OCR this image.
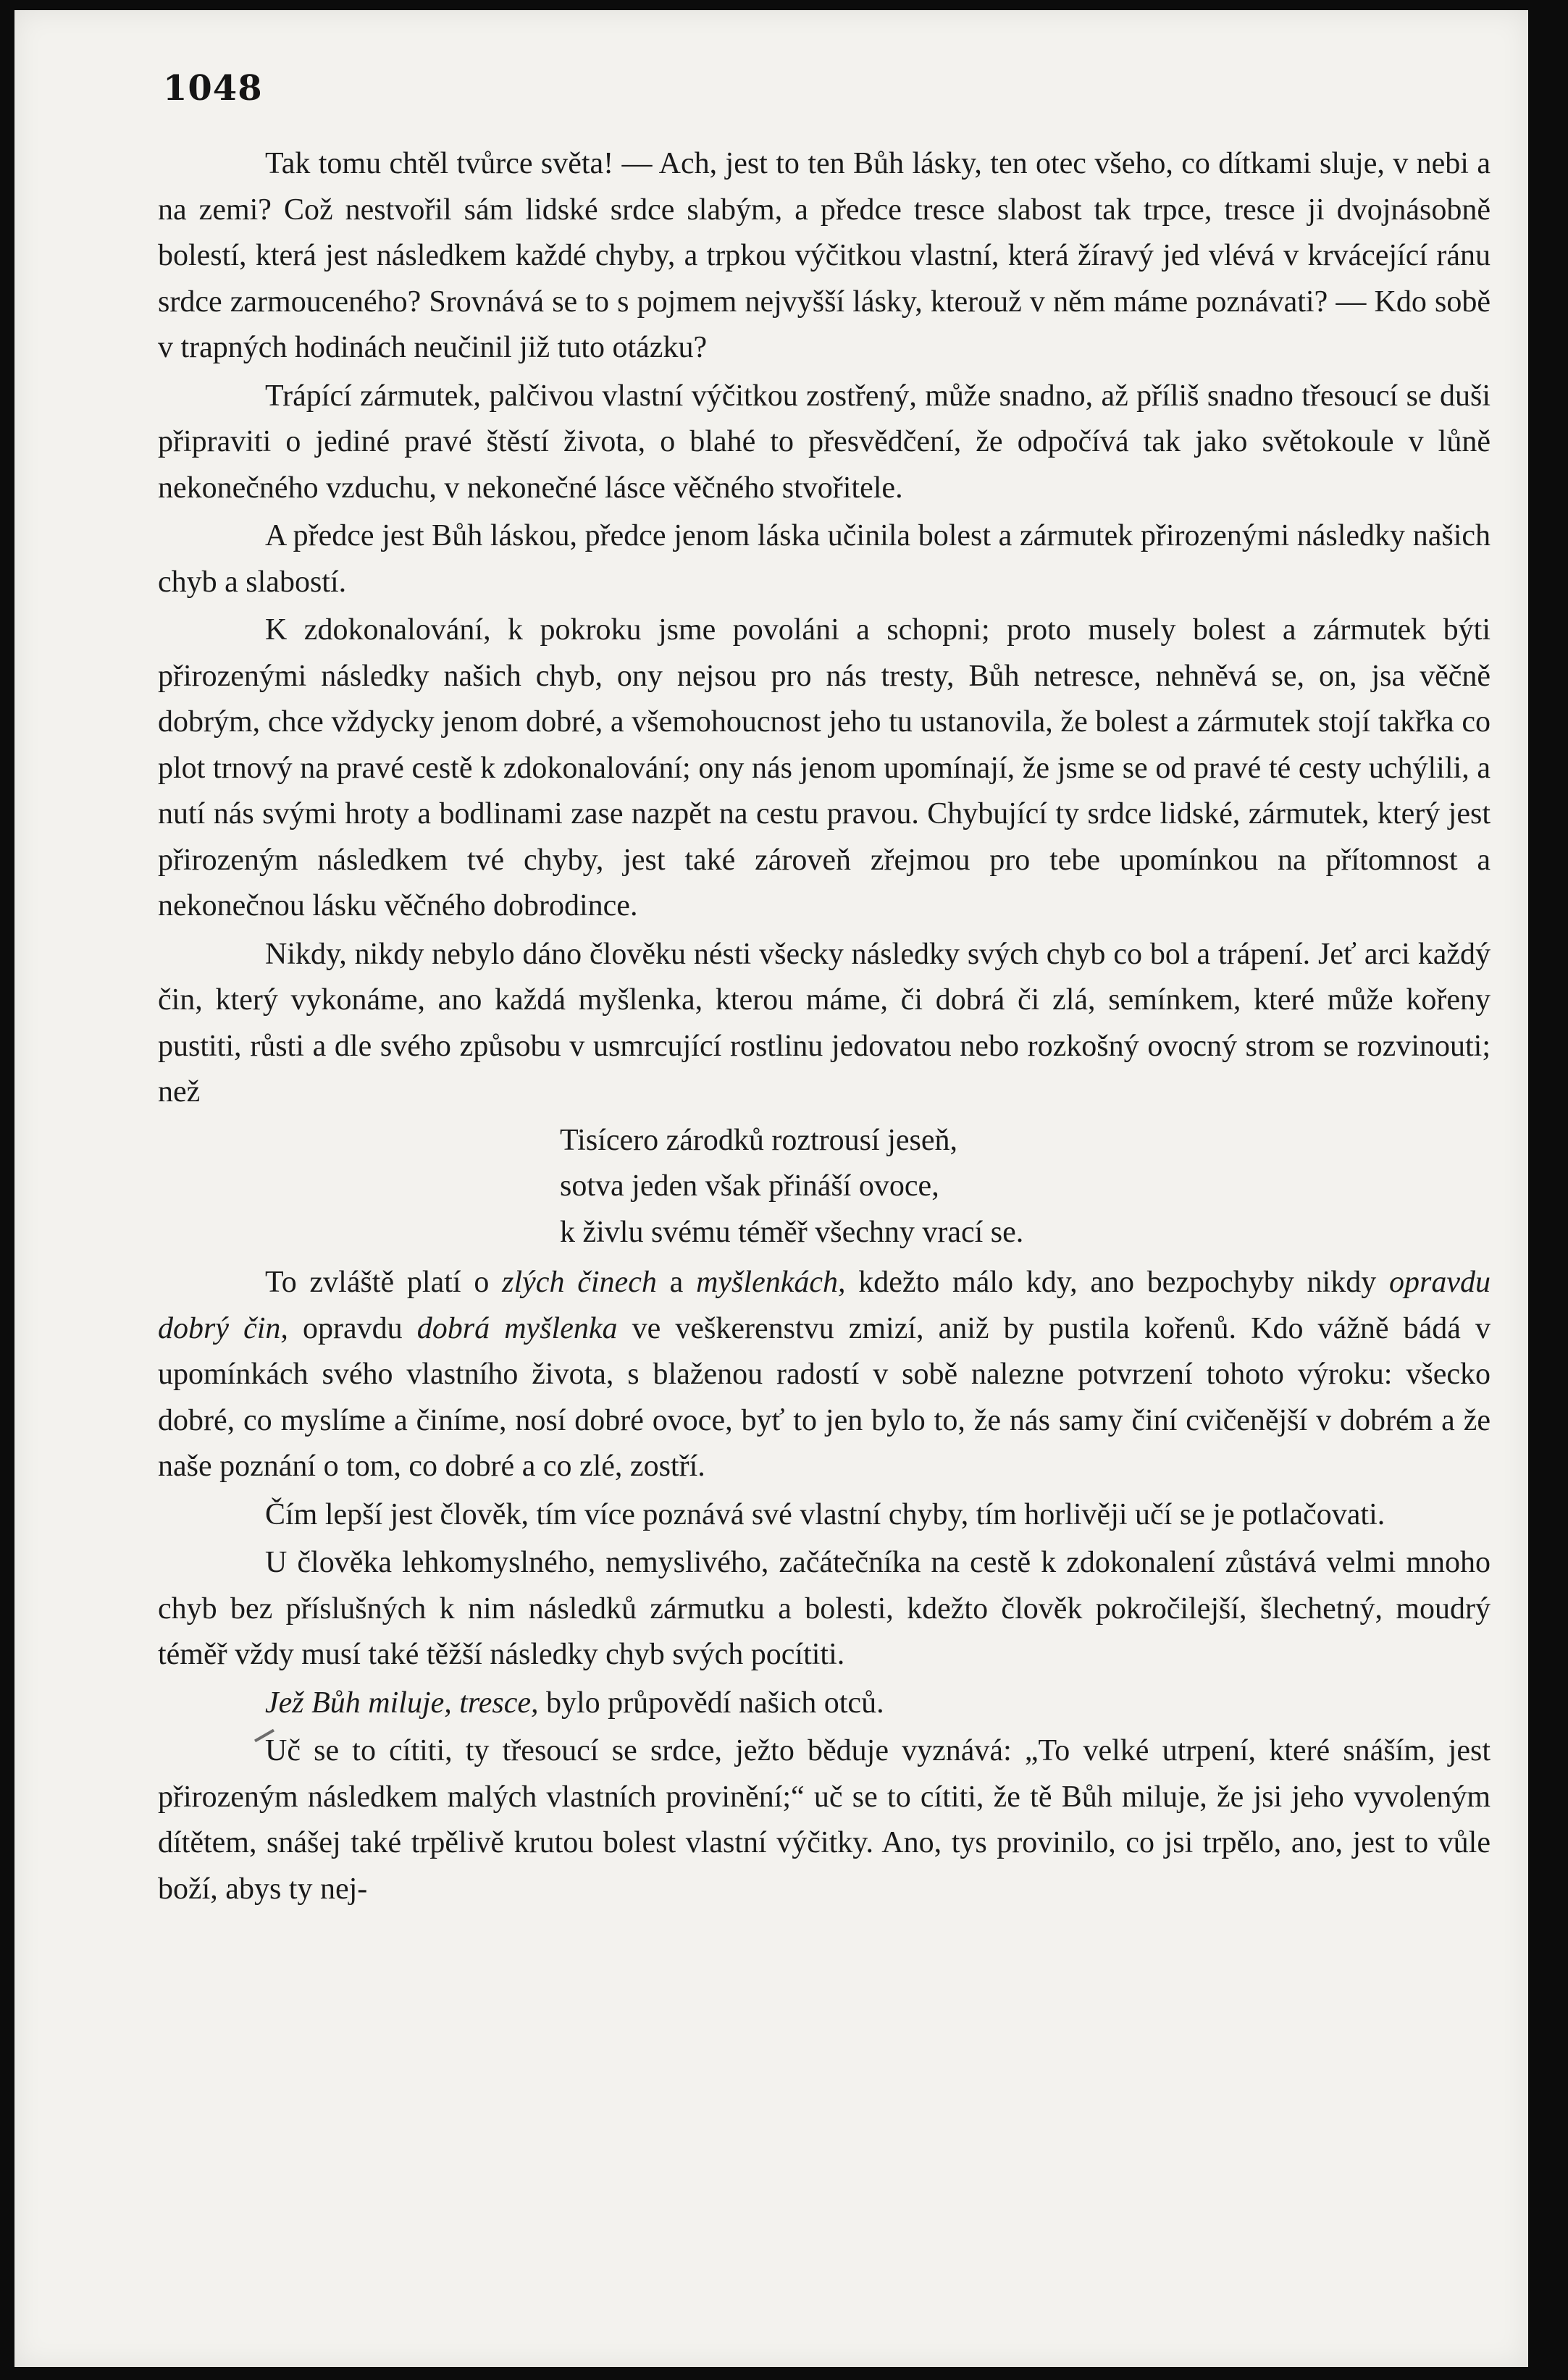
1048

Tak tomu chtěl tvůrce světa! — Ach, jest to ten Bůh lásky, ten otec všeho, co dítkami sluje, v nebi a na zemi? Což nestvořil sám lidské srdce slabým, a předce tresce slabost tak trpce, tresce ji dvojnásobně bolestí, která jest následkem každé chyby, a trpkou výčitkou vlastní, která žíravý jed vlévá v krvácející ránu srdce zarmouceného? Srovnává se to s pojmem nejvyšší lásky, kterouž v něm máme poznávati? — Kdo sobě v trapných hodinách neučinil již tuto otázku?

Trápící zármutek, palčivou vlastní výčitkou zostřený, může snadno, až příliš snadno třesoucí se duši připraviti o jediné pravé štěstí života, o blahé to přesvědčení, že odpočívá tak jako světokoule v lůně nekonečného vzduchu, v nekonečné lásce věčného stvořitele.

A předce jest Bůh láskou, předce jenom láska učinila bolest a zármutek přirozenými následky našich chyb a slabostí.

K zdokonalování, k pokroku jsme povoláni a schopni; proto musely bolest a zármutek býti přirozenými následky našich chyb, ony nejsou pro nás tresty, Bůh netresce, nehněvá se, on, jsa věčně dobrým, chce vždycky jenom dobré, a všemohoucnost jeho tu ustanovila, že bolest a zármutek stojí takřka co plot trnový na pravé cestě k zdokonalování; ony nás jenom upomínají, že jsme se od pravé té cesty uchýlili, a nutí nás svými hroty a bodlinami zase nazpět na cestu pravou. Chybující ty srdce lidské, zármutek, který jest přirozeným následkem tvé chyby, jest také zároveň zřejmou pro tebe upomínkou na přítomnost a nekonečnou lásku věčného dobrodince.

Nikdy, nikdy nebylo dáno člověku nésti všecky následky svých chyb co bol a trápení. Jeť arci každý čin, který vykonáme, ano každá myšlenka, kterou máme, či dobrá či zlá, semínkem, které může kořeny pustiti, růsti a dle svého způsobu v usmrcující rostlinu jedovatou nebo rozkošný ovocný strom se rozvinouti; než

Tisícero zárodků roztrousí jeseň,
sotva jeden však přináší ovoce,
k živlu svému téměř všechny vrací se.

To zvláště platí o zlých činech a myšlenkách, kdežto málo kdy, ano bezpochyby nikdy opravdu dobrý čin, opravdu dobrá myšlenka ve veškerenstvu zmizí, aniž by pustila kořenů. Kdo vážně bádá v upomínkách svého vlastního života, s blaženou radostí v sobě nalezne potvrzení tohoto výroku: všecko dobré, co myslíme a činíme, nosí dobré ovoce, byť to jen bylo to, že nás samy činí cvičenější v dobrém a že naše poznání o tom, co dobré a co zlé, zostří.

Čím lepší jest člověk, tím více poznává své vlastní chyby, tím horlivěji učí se je potlačovati.

U člověka lehkomyslného, nemyslivého, začátečníka na cestě k zdokonalení zůstává velmi mnoho chyb bez příslušných k nim následků zármutku a bolesti, kdežto člověk pokročilejší, šlechetný, moudrý téměř vždy musí také těžší následky chyb svých pocítiti.

Jež Bůh miluje, tresce, bylo průpovědí našich otců.

Uč se to cítiti, ty třesoucí se srdce, ježto běduje vyznává: „To velké utrpení, které snáším, jest přirozeným následkem malých vlastních provinění;“ uč se to cítiti, že tě Bůh miluje, že jsi jeho vyvoleným dítětem, snášej také trpělivě krutou bolest vlastní výčitky. Ano, tys provinilo, co jsi trpělo, ano, jest to vůle boží, abys ty nej-
